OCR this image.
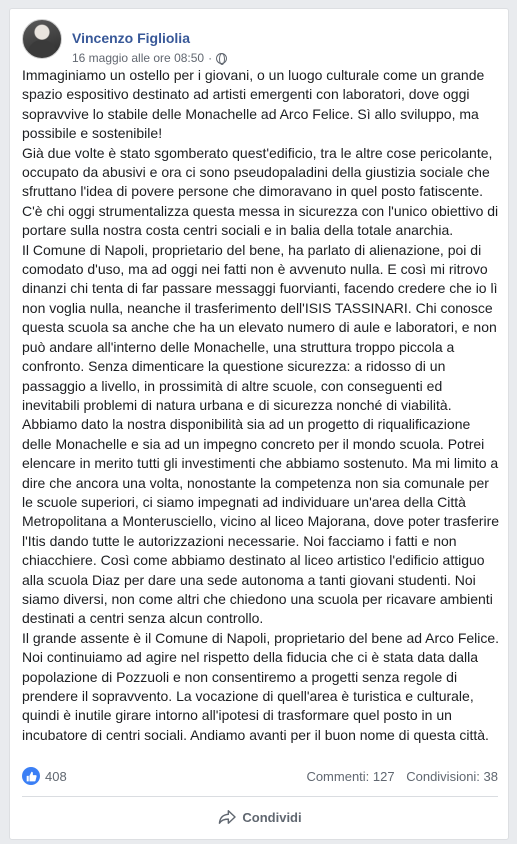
Vincenzo Figliolia
16 maggio alle ore 08:50 ·
Immaginiamo un ostello per i giovani, o un luogo culturale come un grande spazio espositivo destinato ad artisti emergenti con laboratori, dove oggi sopravvive lo stabile delle Monachelle ad Arco Felice. Sì allo sviluppo, ma possibile e sostenibile!
Già due volte è stato sgomberato quest'edificio, tra le altre cose pericolante, occupato da abusivi e ora ci sono pseudopaladini della giustizia sociale che sfruttano l'idea di povere persone che dimoravano in quel posto fatiscente.
C'è chi oggi strumentalizza questa messa in sicurezza con l'unico obiettivo di portare sulla nostra costa centri sociali e in balia della totale anarchia.
Il Comune di Napoli, proprietario del bene, ha parlato di alienazione, poi di comodato d'uso, ma ad oggi nei fatti non è avvenuto nulla. E così mi ritrovo dinanzi chi tenta di far passare messaggi fuorvianti, facendo credere che io lì non voglia nulla, neanche il trasferimento dell'ISIS TASSINARI. Chi conosce questa scuola sa anche che ha un elevato numero di aule e laboratori, e non può andare all'interno delle Monachelle, una struttura troppo piccola a confronto. Senza dimenticare la questione sicurezza: a ridosso di un passaggio a livello, in prossimità di altre scuole, con conseguenti ed inevitabili problemi di natura urbana e di sicurezza nonché di viabilità.
Abbiamo dato la nostra disponibilità sia ad un progetto di riqualificazione delle Monachelle e sia ad un impegno concreto per il mondo scuola. Potrei elencare in merito tutti gli investimenti che abbiamo sostenuto. Ma mi limito a dire che ancora una volta, nonostante la competenza non sia comunale per le scuole superiori, ci siamo impegnati ad individuare un'area della Città Metropolitana a Monterusciello, vicino al liceo Majorana, dove poter trasferire l'Itis dando tutte le autorizzazioni necessarie. Noi facciamo i fatti e non chiacchiere. Così come abbiamo destinato al liceo artistico l'edificio attiguo alla scuola Diaz per dare una sede autonoma a tanti giovani studenti. Noi siamo diversi, non come altri che chiedono una scuola per ricavare ambienti destinati a centri senza alcun controllo.
Il grande assente è il Comune di Napoli, proprietario del bene ad Arco Felice. Noi continuiamo ad agire nel rispetto della fiducia che ci è stata data dalla popolazione di Pozzuoli e non consentiremo a progetti senza regole di prendere il sopravvento. La vocazione di quell'area è turistica e culturale, quindi è inutile girare intorno all'ipotesi di trasformare quel posto in un incubatore di centri sociali. Andiamo avanti per il buon nome di questa città.
408	Commenti: 127 Condivisioni: 38
Condividi
